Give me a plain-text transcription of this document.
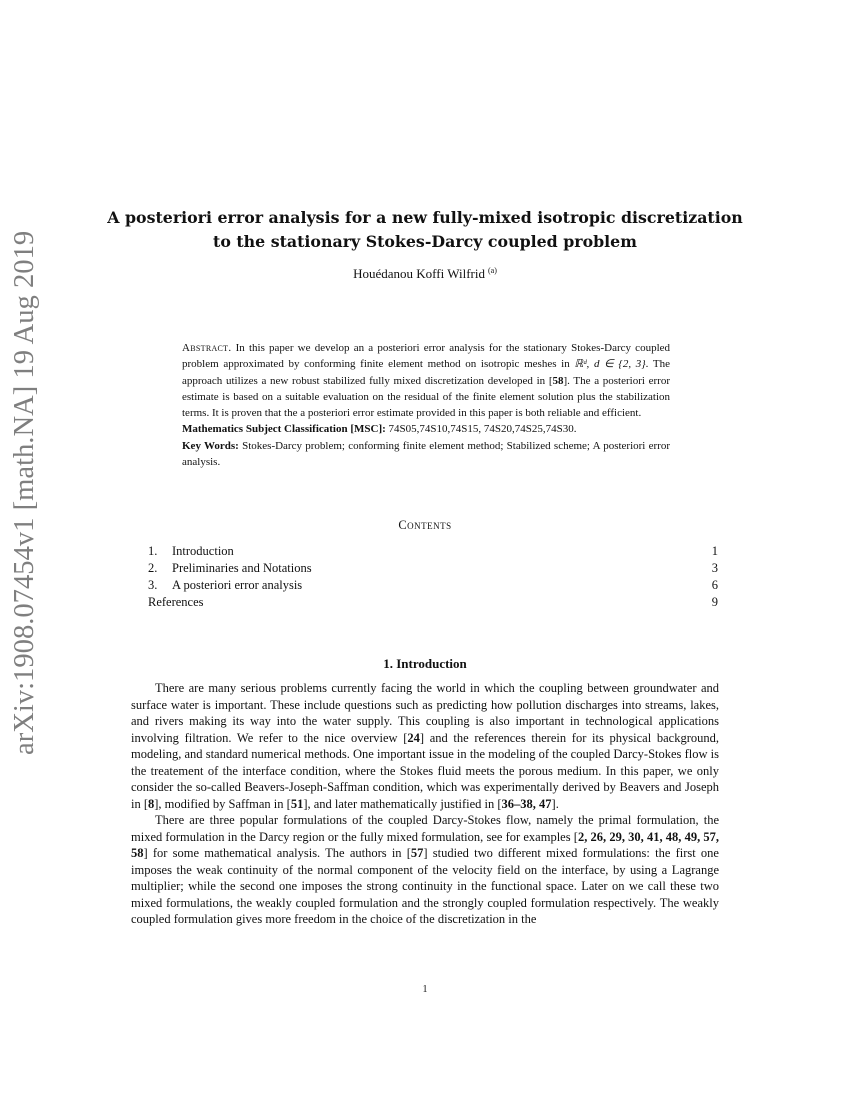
arXiv:1908.07454v1 [math.NA] 19 Aug 2019
A posteriori error analysis for a new fully-mixed isotropic discretization
to the stationary Stokes-Darcy coupled problem
Houédanou Koffi Wilfrid $^{(a)}$
Abstract. In this paper we develop an a posteriori error analysis for the stationary Stokes-Darcy coupled problem approximated by conforming finite element method on isotropic meshes in ℝᵈ, d ∈ {2, 3}. The approach utilizes a new robust stabilized fully mixed discretization developed in [58]. The a posteriori error estimate is based on a suitable evaluation on the residual of the finite element solution plus the stabilization terms. It is proven that the a posteriori error estimate provided in this paper is both reliable and efficient.
Mathematics Subject Classification [MSC]: 74S05,74S10,74S15, 74S20,74S25,74S30.
Key Words: Stokes-Darcy problem; conforming finite element method; Stabilized scheme; A posteriori error analysis.
Contents
1. Introduction	1
2. Preliminaries and Notations	3
3. A posteriori error analysis	6
References	9
1. Introduction

There are many serious problems currently facing the world in which the coupling between groundwater and surface water is important. These include questions such as predicting how pollution discharges into streams, lakes, and rivers making its way into the water supply. This coupling is also important in technological applications involving filtration. We refer to the nice overview [24] and the references therein for its physical background, modeling, and standard numerical methods. One important issue in the modeling of the coupled Darcy-Stokes flow is the treatement of the interface condition, where the Stokes fluid meets the porous medium. In this paper, we only consider the so-called Beavers-Joseph-Saffman condition, which was experimentally derived by Beavers and Joseph in [8], modified by Saffman in [51], and later mathematically justified in [36–38, 47].

There are three popular formulations of the coupled Darcy-Stokes flow, namely the primal formulation, the mixed formulation in the Darcy region or the fully mixed formulation, see for examples [2, 26, 29, 30, 41, 48, 49, 57, 58] for some mathematical analysis. The authors in [57] studied two different mixed formulations: the first one imposes the weak continuity of the normal component of the velocity field on the interface, by using a Lagrange multiplier; while the second one imposes the strong continuity in the functional space. Later on we call these two mixed formulations, the weakly coupled formulation and the strongly coupled formulation respectively. The weakly coupled formulation gives more freedom in the choice of the discretization in the

1
